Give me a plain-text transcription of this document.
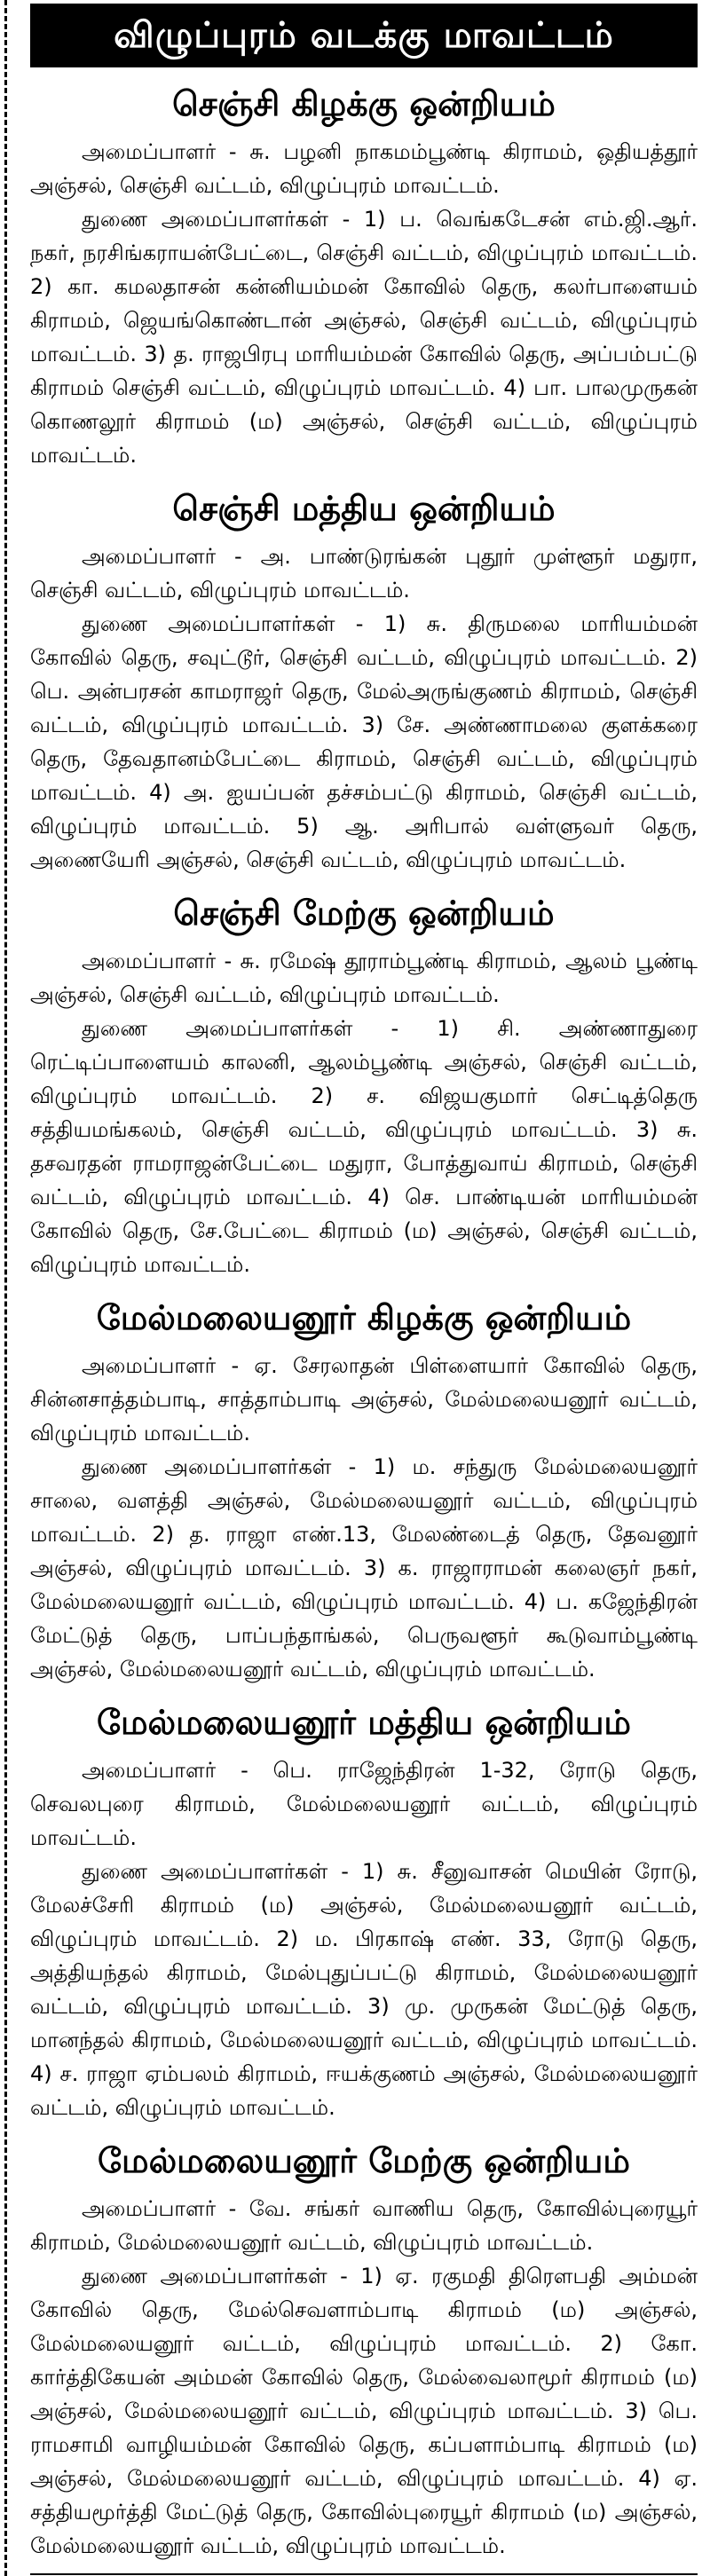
விழுப்புரம் வடக்கு மாவட்டம்
செஞ்சி கிழக்கு ஒன்றியம்

அமைப்பாளர் - சு. பழனி நாகமம்பூண்டி கிராமம், ஒதியத்தூர் அஞ்சல், செஞ்சி வட்டம், விழுப்புரம் மாவட்டம்.

துணை அமைப்பாளர்கள் - 1) ப. வெங்கடேசன் எம்.ஜி.ஆர். நகர், நரசிங்கராயன்பேட்டை, செஞ்சி வட்டம், விழுப்புரம் மாவட்டம். 2) கா. கமலதாசன் கன்னியம்மன் கோவில் தெரு, கலர்பாளையம் கிராமம், ஜெயங்கொண்டான் அஞ்சல், செஞ்சி வட்டம், விழுப்புரம் மாவட்டம். 3) த. ராஜபிரபு மாரியம்மன் கோவில் தெரு, அப்பம்பட்டு கிராமம் செஞ்சி வட்டம், விழுப்புரம் மாவட்டம். 4) பா. பாலமுருகன் கொணலூர் கிராமம் (ம) அஞ்சல், செஞ்சி வட்டம், விழுப்புரம் மாவட்டம்.

செஞ்சி மத்திய ஒன்றியம்

அமைப்பாளர் - அ. பாண்டுரங்கன் புதூர் முள்ளூர் மதுரா, செஞ்சி வட்டம், விழுப்புரம் மாவட்டம்.

துணை அமைப்பாளர்கள் - 1) சு. திருமலை மாரியம்மன் கோவில் தெரு, சவுட்டூர், செஞ்சி வட்டம், விழுப்புரம் மாவட்டம். 2) பெ. அன்பரசன் காமராஜர் தெரு, மேல்அருங்குணம் கிராமம், செஞ்சி வட்டம், விழுப்புரம் மாவட்டம். 3) சே. அண்ணாமலை குளக்கரை தெரு, தேவதானம்பேட்டை கிராமம், செஞ்சி வட்டம், விழுப்புரம் மாவட்டம். 4) அ. ஐயப்பன் தச்சம்பட்டு கிராமம், செஞ்சி வட்டம், விழுப்புரம் மாவட்டம். 5) ஆ. அரிபால் வள்ளுவர் தெரு, அணையேரி அஞ்சல், செஞ்சி வட்டம், விழுப்புரம் மாவட்டம்.

செஞ்சி மேற்கு ஒன்றியம்

அமைப்பாளர் - சு. ரமேஷ் தூராம்பூண்டி கிராமம், ஆலம் பூண்டி அஞ்சல், செஞ்சி வட்டம், விழுப்புரம் மாவட்டம்.

துணை அமைப்பாளர்கள் - 1) சி. அண்ணாதுரை ரெட்டிப்பாளையம் காலனி, ஆலம்பூண்டி அஞ்சல், செஞ்சி வட்டம், விழுப்புரம் மாவட்டம். 2) ச. விஜயகுமார் செட்டித்தெரு சத்தியமங்கலம், செஞ்சி வட்டம், விழுப்புரம் மாவட்டம். 3) சு. தசவரதன் ராமராஜன்பேட்டை மதுரா, போத்துவாய் கிராமம், செஞ்சி வட்டம், விழுப்புரம் மாவட்டம். 4) செ. பாண்டியன் மாரியம்மன் கோவில் தெரு, சே.பேட்டை கிராமம் (ம) அஞ்சல், செஞ்சி வட்டம், விழுப்புரம் மாவட்டம்.

மேல்மலையனூர் கிழக்கு ஒன்றியம்

அமைப்பாளர் - ஏ. சேரலாதன் பிள்ளையார் கோவில் தெரு, சின்னசாத்தம்பாடி, சாத்தாம்பாடி அஞ்சல், மேல்மலையனூர் வட்டம், விழுப்புரம் மாவட்டம்.

துணை அமைப்பாளர்கள் - 1) ம. சந்துரு மேல்மலையனூர் சாலை, வளத்தி அஞ்சல், மேல்மலையனூர் வட்டம், விழுப்புரம் மாவட்டம். 2) த. ராஜா எண்.13, மேலண்டைத் தெரு, தேவனூர் அஞ்சல், விழுப்புரம் மாவட்டம். 3) க. ராஜாராமன் கலைஞர் நகர், மேல்மலையனூர் வட்டம், விழுப்புரம் மாவட்டம். 4) ப. கஜேந்திரன் மேட்டுத் தெரு, பாப்பந்தாங்கல், பெருவளூர் கூடுவாம்பூண்டி அஞ்சல், மேல்மலையனூர் வட்டம், விழுப்புரம் மாவட்டம்.

மேல்மலையனூர் மத்திய ஒன்றியம்

அமைப்பாளர் - பெ. ராஜேந்திரன் 1-32, ரோடு தெரு, செவலபுரை கிராமம், மேல்மலையனூர் வட்டம், விழுப்புரம் மாவட்டம்.

துணை அமைப்பாளர்கள் - 1) சு. சீனுவாசன் மெயின் ரோடு, மேலச்சேரி கிராமம் (ம) அஞ்சல், மேல்மலையனூர் வட்டம், விழுப்புரம் மாவட்டம். 2) ம. பிரகாஷ் எண். 33, ரோடு தெரு, அத்தியந்தல் கிராமம், மேல்புதுப்பட்டு கிராமம், மேல்மலையனூர் வட்டம், விழுப்புரம் மாவட்டம். 3) மு. முருகன் மேட்டுத் தெரு, மானந்தல் கிராமம், மேல்மலையனூர் வட்டம், விழுப்புரம் மாவட்டம். 4) ச. ராஜா ஏம்பலம் கிராமம், ஈயக்குணம் அஞ்சல், மேல்மலையனூர் வட்டம், விழுப்புரம் மாவட்டம்.

மேல்மலையனூர் மேற்கு ஒன்றியம்

அமைப்பாளர் - வே. சங்கர் வாணிய தெரு, கோவில்புரையூர் கிராமம், மேல்மலையனூர் வட்டம், விழுப்புரம் மாவட்டம்.

துணை அமைப்பாளர்கள் - 1) ஏ. ரகுமதி திரௌபதி அம்மன் கோவில் தெரு, மேல்செவளாம்பாடி கிராமம் (ம) அஞ்சல், மேல்மலையனூர் வட்டம், விழுப்புரம் மாவட்டம். 2) கோ. கார்த்திகேயன் அம்மன் கோவில் தெரு, மேல்வைலாமூர் கிராமம் (ம) அஞ்சல், மேல்மலையனூர் வட்டம், விழுப்புரம் மாவட்டம். 3) பெ. ராமசாமி வாழியம்மன் கோவில் தெரு, கப்பளாம்பாடி கிராமம் (ம) அஞ்சல், மேல்மலையனூர் வட்டம், விழுப்புரம் மாவட்டம். 4) ஏ. சத்தியமூர்த்தி மேட்டுத் தெரு, கோவில்புரையூர் கிராமம் (ம) அஞ்சல், மேல்மலையனூர் வட்டம், விழுப்புரம் மாவட்டம்.
